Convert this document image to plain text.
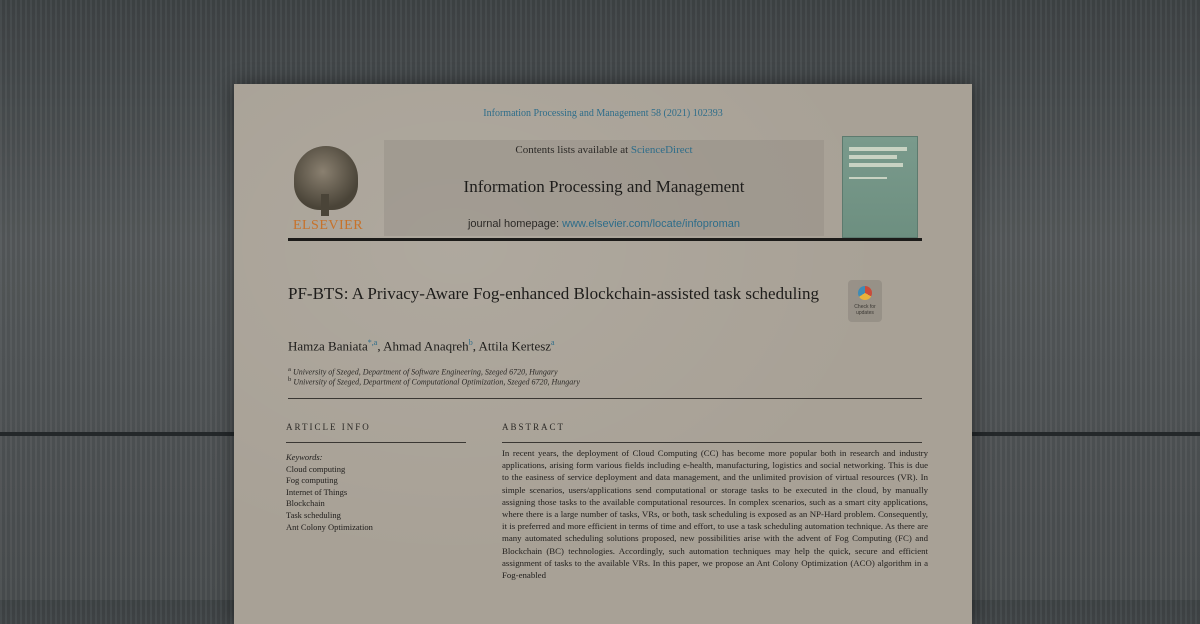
Information Processing and Management 58 (2021) 102393
ELSEVIER
Contents lists available at ScienceDirect
Information Processing and Management
journal homepage: www.elsevier.com/locate/infoproman
PF-BTS: A Privacy-Aware Fog-enhanced Blockchain-assisted task scheduling
Check for updates
Hamza Baniata$^{*,a}$, Ahmad Anaqreh$^b$, Attila Kertesz$^a$
$^a$ University of Szeged, Department of Software Engineering, Szeged 6720, Hungary
$^b$ University of Szeged, Department of Computational Optimization, Szeged 6720, Hungary
ARTICLE INFO	ABSTRACT
Keywords:
Cloud computing
Fog computing
Internet of Things
Blockchain
Task scheduling
Ant Colony Optimization
In recent years, the deployment of Cloud Computing (CC) has become more popular both in research and industry applications, arising form various fields including e-health, manufacturing, logistics and social networking. This is due to the easiness of service deployment and data management, and the unlimited provision of virtual resources (VR). In simple scenarios, users/applications send computational or storage tasks to be executed in the cloud, by manually assigning those tasks to the available computational resources. In complex scenarios, such as a smart city applications, where there is a large number of tasks, VRs, or both, task scheduling is exposed as an NP-Hard problem. Consequently, it is preferred and more efficient in terms of time and effort, to use a task scheduling automation technique. As there are many automated scheduling solutions proposed, new possibilities arise with the advent of Fog Computing (FC) and Blockchain (BC) technologies. Accordingly, such automation techniques may help the quick, secure and efficient assignment of tasks to the available VRs. In this paper, we propose an Ant Colony Optimization (ACO) algorithm in a Fog-enabled
